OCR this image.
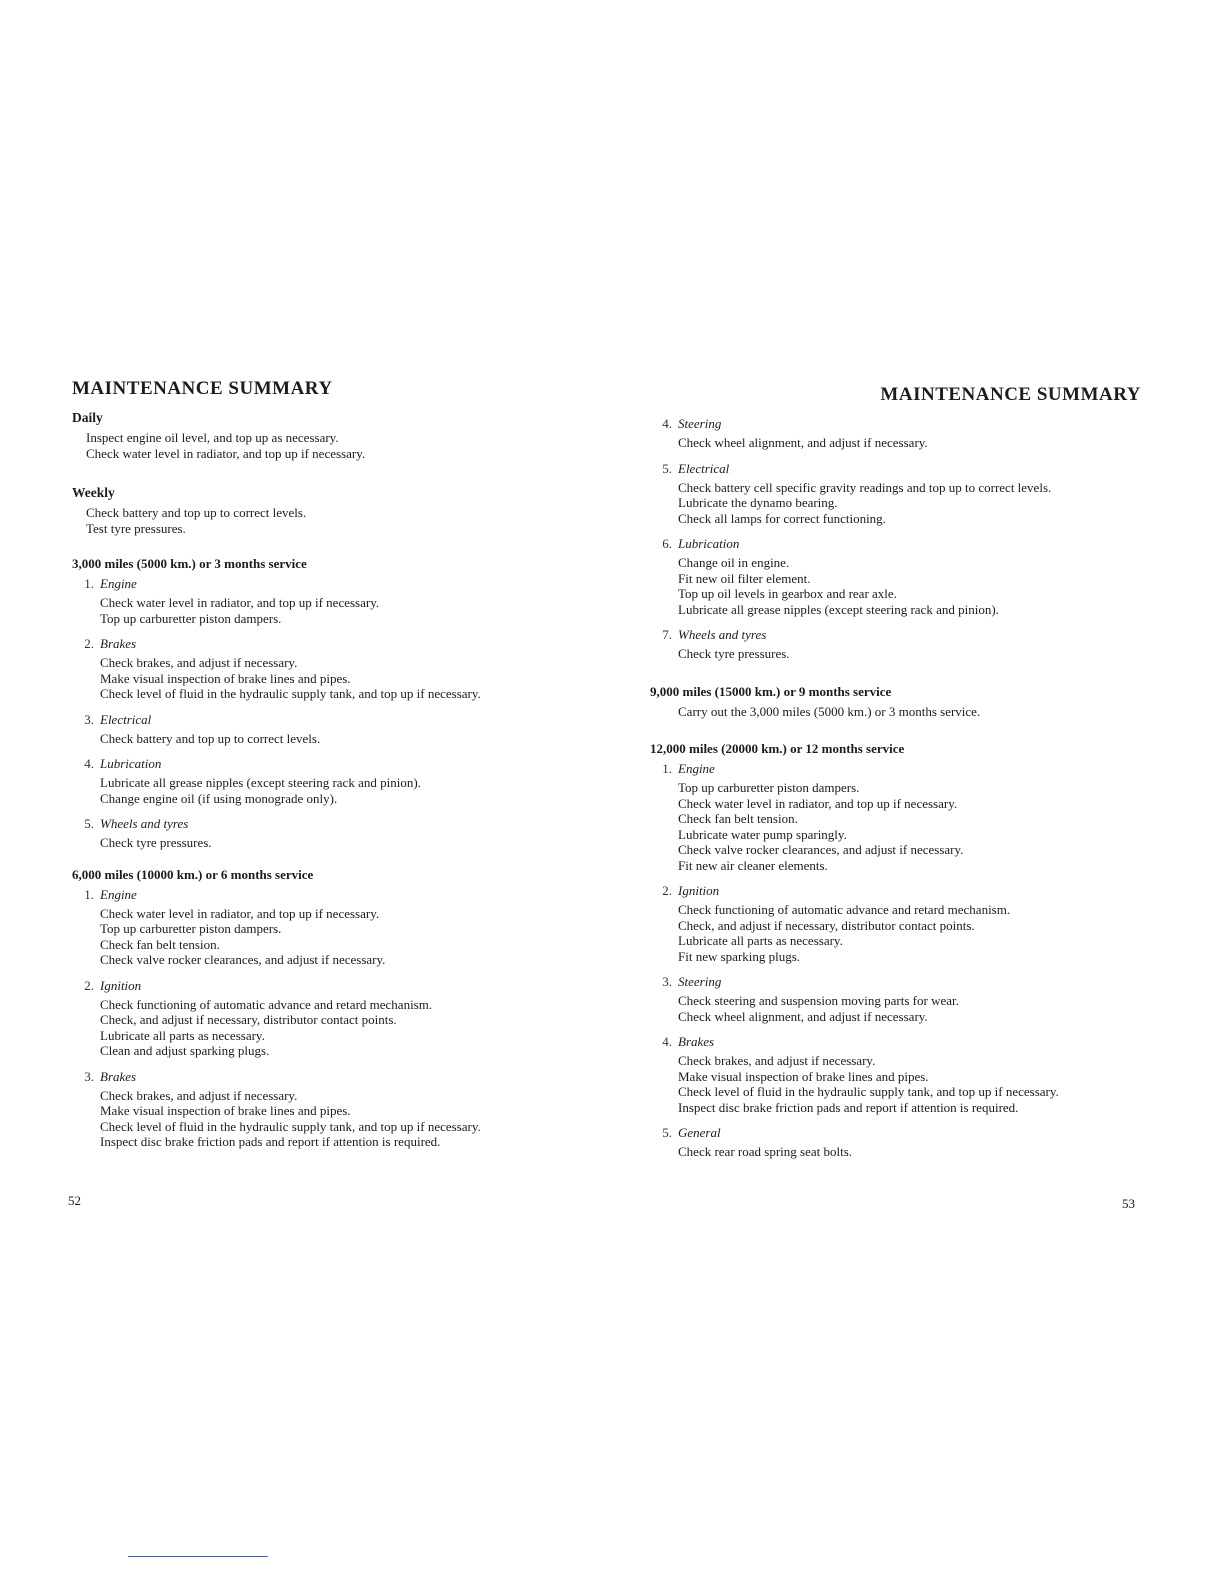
MAINTENANCE SUMMARY
Daily
Inspect engine oil level, and top up as necessary.
Check water level in radiator, and top up if necessary.
Weekly
Check battery and top up to correct levels.
Test tyre pressures.
3,000 miles (5000 km.) or 3 months service
1. Engine
Check water level in radiator, and top up if necessary.
Top up carburetter piston dampers.
2. Brakes
Check brakes, and adjust if necessary.
Make visual inspection of brake lines and pipes.
Check level of fluid in the hydraulic supply tank, and top up if necessary.
3. Electrical
Check battery and top up to correct levels.
4. Lubrication
Lubricate all grease nipples (except steering rack and pinion).
Change engine oil (if using monograde only).
5. Wheels and tyres
Check tyre pressures.
6,000 miles (10000 km.) or 6 months service
1. Engine
Check water level in radiator, and top up if necessary.
Top up carburetter piston dampers.
Check fan belt tension.
Check valve rocker clearances, and adjust if necessary.
2. Ignition
Check functioning of automatic advance and retard mechanism.
Check, and adjust if necessary, distributor contact points.
Lubricate all parts as necessary.
Clean and adjust sparking plugs.
3. Brakes
Check brakes, and adjust if necessary.
Make visual inspection of brake lines and pipes.
Check level of fluid in the hydraulic supply tank, and top up if necessary.
Inspect disc brake friction pads and report if attention is required.
52
MAINTENANCE SUMMARY
4. Steering
Check wheel alignment, and adjust if necessary.
5. Electrical
Check battery cell specific gravity readings and top up to correct levels.
Lubricate the dynamo bearing.
Check all lamps for correct functioning.
6. Lubrication
Change oil in engine.
Fit new oil filter element.
Top up oil levels in gearbox and rear axle.
Lubricate all grease nipples (except steering rack and pinion).
7. Wheels and tyres
Check tyre pressures.
9,000 miles (15000 km.) or 9 months service
Carry out the 3,000 miles (5000 km.) or 3 months service.
12,000 miles (20000 km.) or 12 months service
1. Engine
Top up carburetter piston dampers.
Check water level in radiator, and top up if necessary.
Check fan belt tension.
Lubricate water pump sparingly.
Check valve rocker clearances, and adjust if necessary.
Fit new air cleaner elements.
2. Ignition
Check functioning of automatic advance and retard mechanism.
Check, and adjust if necessary, distributor contact points.
Lubricate all parts as necessary.
Fit new sparking plugs.
3. Steering
Check steering and suspension moving parts for wear.
Check wheel alignment, and adjust if necessary.
4. Brakes
Check brakes, and adjust if necessary.
Make visual inspection of brake lines and pipes.
Check level of fluid in the hydraulic supply tank, and top up if necessary.
Inspect disc brake friction pads and report if attention is required.
5. General
Check rear road spring seat bolts.
53
